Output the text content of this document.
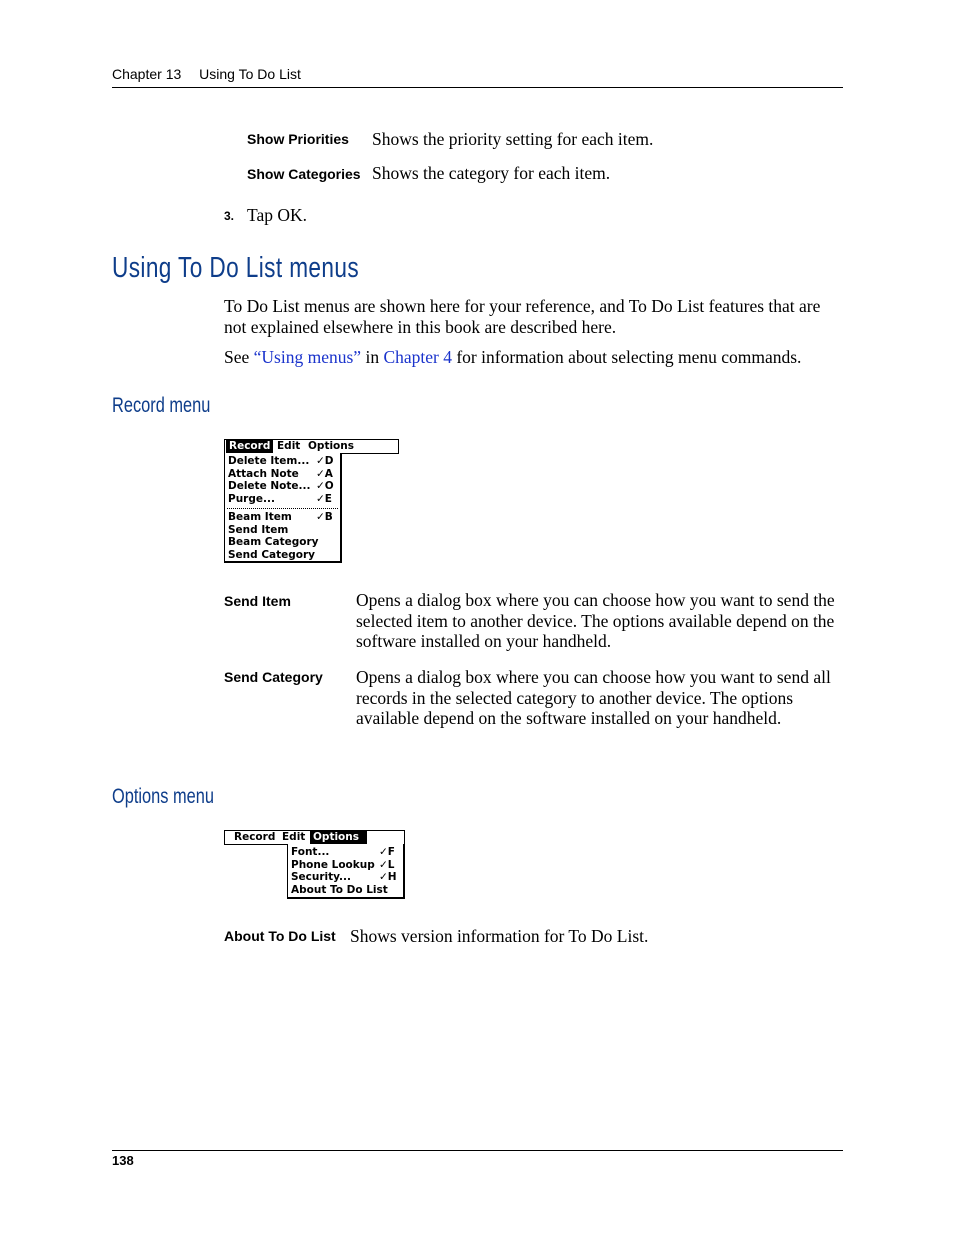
Chapter 13 Using To Do List
Show Priorities Shows the priority setting for each item.
Show Categories Shows the category for each item.
3. Tap OK.
Using To Do List menus
To Do List menus are shown here for your reference, and To Do List features that are not explained elsewhere in this book are described here.
See “Using menus” in Chapter 4 for information about selecting menu commands.
Record menu
Record Edit Options
Delete Item... ✓D
Attach Note ✓A
Delete Note... ✓O
Purge...	✓E
Beam Item ✓B
Send Item
Beam Category
Send Category
Send Item	Opens a dialog box where you can choose how you want to send the selected item to another device. The options available depend on the software installed on your handheld.
Send Category Opens a dialog box where you can choose how you want to send all records in the selected category to another device. The options available depend on the software installed on your handheld.
Options menu
Record Edit Options
Font...	✓F
Phone Lookup ✓L
Security...	✓H
About To Do List
About To Do List Shows version information for To Do List.
138
